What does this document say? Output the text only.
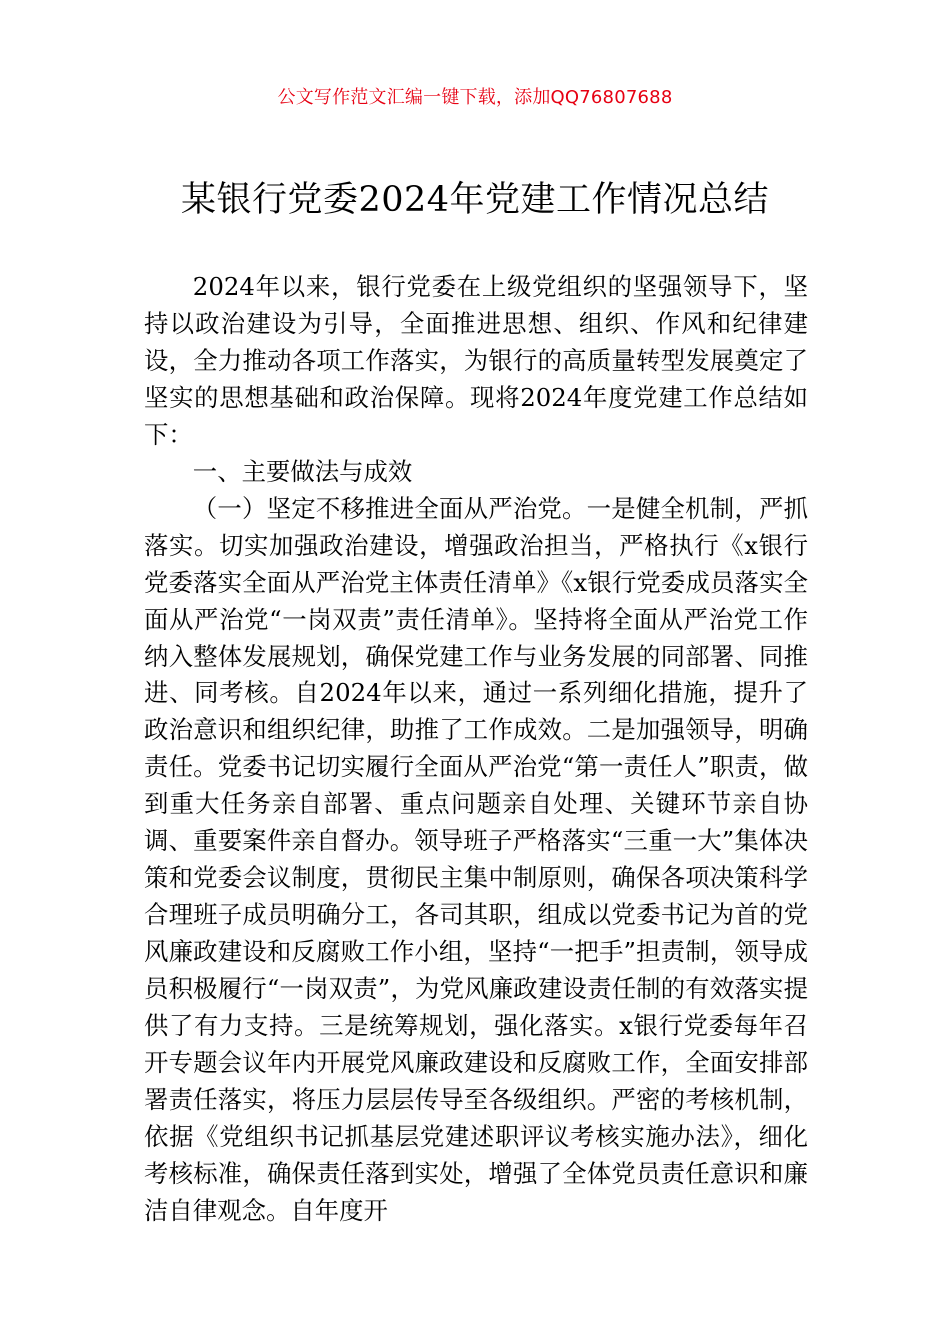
公文写作范文汇编一键下载，添加QQ76807688
某银行党委2024年党建工作情况总结

2024年以来，银行党委在上级党组织的坚强领导下，坚持以政治建设为引导，全面推进思想、组织、作风和纪律建设，全力推动各项工作落实，为银行的高质量转型发展奠定了坚实的思想基础和政治保障。现将2024年度党建工作总结如下：

一、主要做法与成效

（一）坚定不移推进全面从严治党。一是健全机制，严抓落实。切实加强政治建设，增强政治担当，严格执行《x银行党委落实全面从严治党主体责任清单》《x银行党委成员落实全面从严治党“一岗双责”责任清单》。坚持将全面从严治党工作纳入整体发展规划，确保党建工作与业务发展的同部署、同推进、同考核。自2024年以来，通过一系列细化措施，提升了政治意识和组织纪律，助推了工作成效。二是加强领导，明确责任。党委书记切实履行全面从严治党“第一责任人”职责，做到重大任务亲自部署、重点问题亲自处理、关键环节亲自协调、重要案件亲自督办。领导班子严格落实“三重一大”集体决策和党委会议制度，贯彻民主集中制原则，确保各项决策科学合理班子成员明确分工，各司其职，组成以党委书记为首的党风廉政建设和反腐败工作小组，坚持“一把手”担责制，领导成员积极履行“一岗双责”，为党风廉政建设责任制的有效落实提供了有力支持。三是统筹规划，强化落实。x银行党委每年召开专题会议年内开展党风廉政建设和反腐败工作，全面安排部署责任落实，将压力层层传导至各级组织。严密的考核机制，依据《党组织书记抓基层党建述职评议考核实施办法》，细化考核标准，确保责任落到实处，增强了全体党员责任意识和廉洁自律观念。自年度开
